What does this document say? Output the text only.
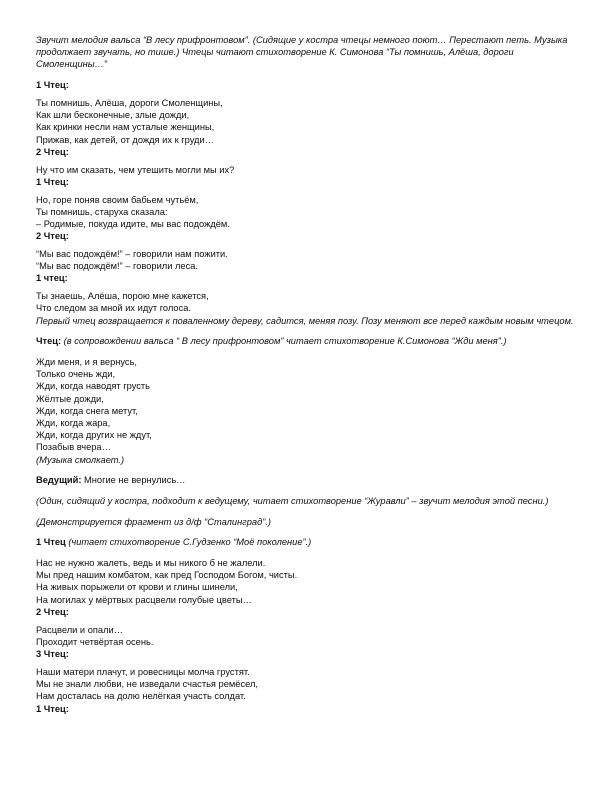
Звучит мелодия вальса “В лесу прифронтовом”. (Сидящие у костра чтецы немного поют… Перестают петь. Музыка продолжает звучать, но тише.) Чтецы читают стихотворение К. Симонова “Ты помнишь, Алёша, дороги Смоленщины…”

1 Чтец:

Ты помнишь, Алёша, дороги Смоленщины,
Как шли бесконечные, злые дожди,
Как кринки несли нам усталые женщины,
Прижав, как детей, от дождя их к груди…

2 Чтец:

Ну что им сказать, чем утешить могли мы их?

1 Чтец:

Но, горе поняв своим бабьем чутьём,
Ты помнишь, старуха сказала:
– Родимые, покуда идите, мы вас подождём.

2 Чтец:

“Мы вас подождём!” – говорили нам пожити.
“Мы вас подождём!” – говорили леса.

1 чтец:

Ты знаешь, Алёша, порою мне кажется,
Что следом за мной их идут голоса.

Первый чтец возвращается к поваленному дереву, садится, меняя позу. Позу меняют все перед каждым новым чтецом.

Чтец: (в сопровождении вальса “ В лесу прифронтовом” читает стихотворение К.Симонова “Жди меня”.)

Жди меня, и я вернусь,
Только очень жди,
Жди, когда наводят грусть
Жёлтые дожди,
Жди, когда снега метут,
Жди, когда жара,
Жди, когда других не ждут,
Позабыв вчера…

(Музыка смолкает.)

Ведущий: Многие не вернулись…

(Один, сидящий у костра, подходит к ведущему, читает стихотворение “Журавли” – звучит мелодия этой песни.)

(Демонстрируется фрагмент из д/ф “Сталинград”.)

1 Чтец (читает стихотворение С.Гудзенко “Моё поколение”.)

Нас не нужно жалеть, ведь и мы никого б не жалели.
Мы пред нашим комбатом, как пред Господом Богом, чисты.
На живых порыжели от крови и глины шинели,
На могилах у мёртвых расцвели голубые цветы…

2 Чтец:

Расцвели и опали…
Проходит четвёртая осень.

3 Чтец:

Наши матери плачут, и ровесницы молча грустят.
Мы не знали любви, не изведали счастья ремёсел,
Нам досталась на долю нелёгкая участь солдат.

1 Чтец:
